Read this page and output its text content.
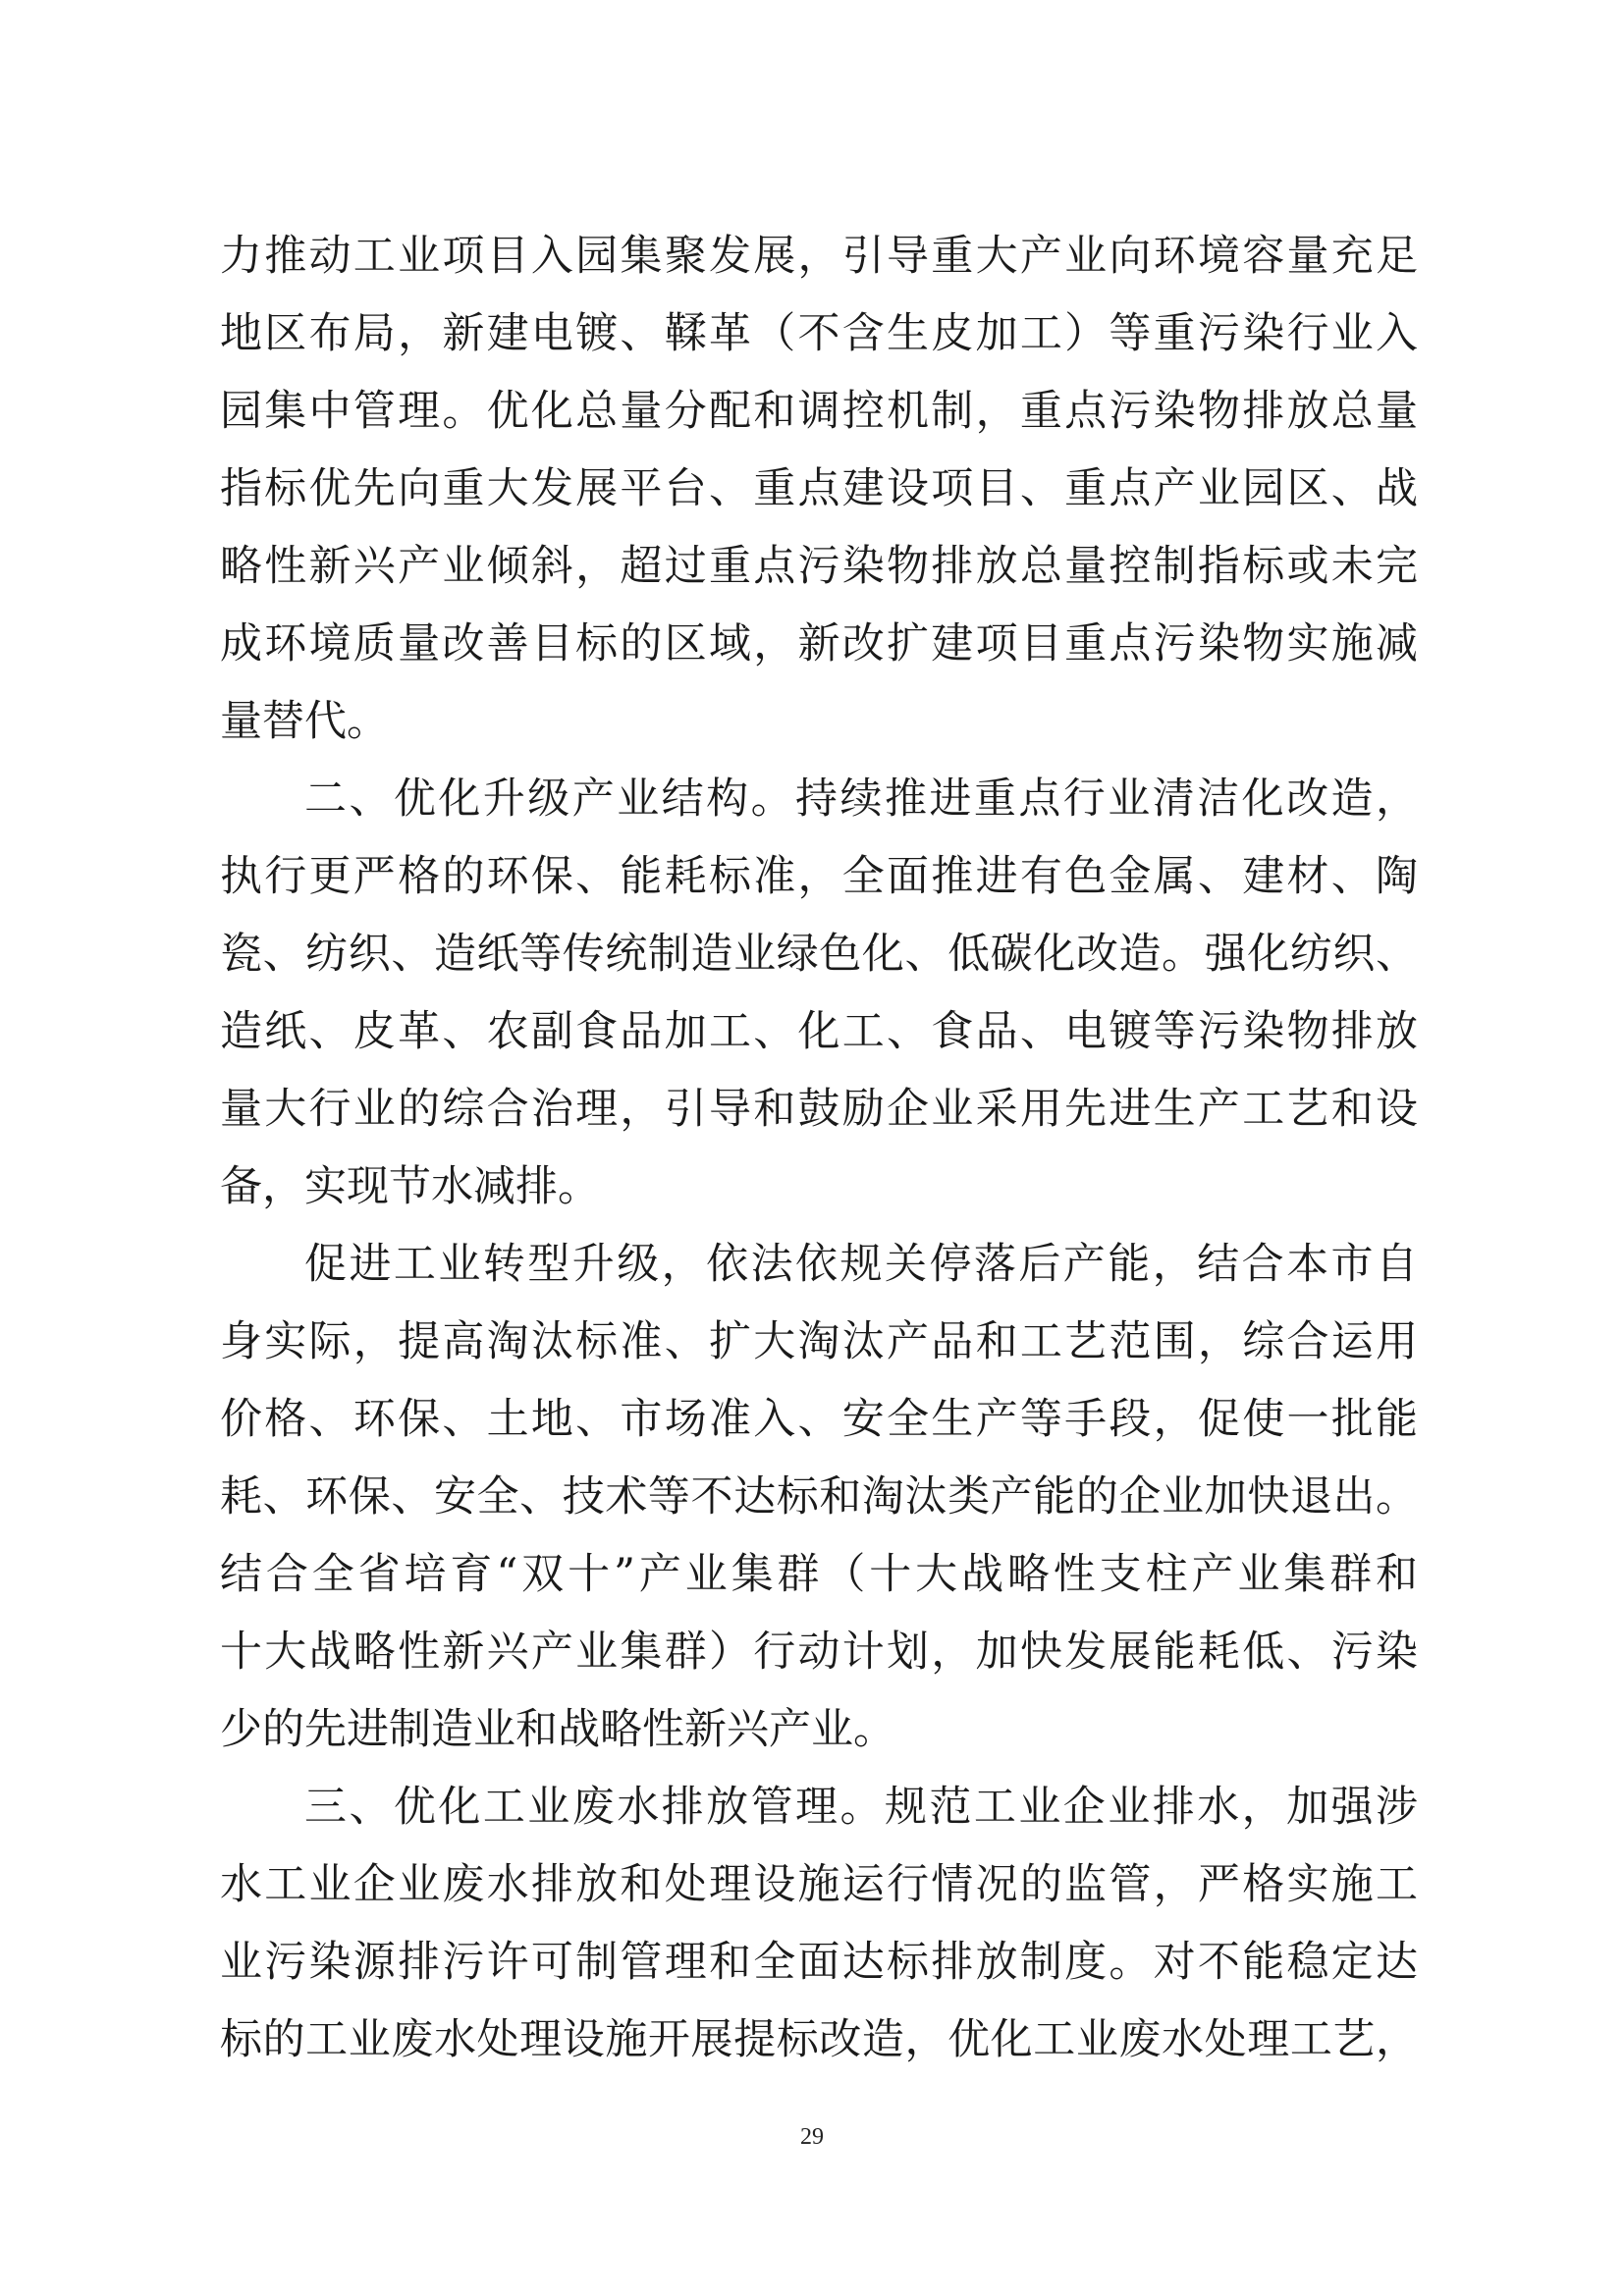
力推动工业项目入园集聚发展，引导重大产业向环境容量充足
地区布局，新建电镀、鞣革（不含生皮加工）等重污染行业入
园集中管理。优化总量分配和调控机制，重点污染物排放总量
指标优先向重大发展平台、重点建设项目、重点产业园区、战
略性新兴产业倾斜，超过重点污染物排放总量控制指标或未完
成环境质量改善目标的区域，新改扩建项目重点污染物实施减
量替代。
二、优化升级产业结构。持续推进重点行业清洁化改造，
执行更严格的环保、能耗标准，全面推进有色金属、建材、陶
瓷、纺织、造纸等传统制造业绿色化、低碳化改造。强化纺织、
造纸、皮革、农副食品加工、化工、食品、电镀等污染物排放
量大行业的综合治理，引导和鼓励企业采用先进生产工艺和设
备，实现节水减排。
促进工业转型升级，依法依规关停落后产能，结合本市自
身实际，提高淘汰标准、扩大淘汰产品和工艺范围，综合运用
价格、环保、土地、市场准入、安全生产等手段，促使一批能
耗、环保、安全、技术等不达标和淘汰类产能的企业加快退出。
结合全省培育“双十”产业集群（十大战略性支柱产业集群和
十大战略性新兴产业集群）行动计划，加快发展能耗低、污染
少的先进制造业和战略性新兴产业。
三、优化工业废水排放管理。规范工业企业排水，加强涉
水工业企业废水排放和处理设施运行情况的监管，严格实施工
业污染源排污许可制管理和全面达标排放制度。对不能稳定达
标的工业废水处理设施开展提标改造，优化工业废水处理工艺，
29
